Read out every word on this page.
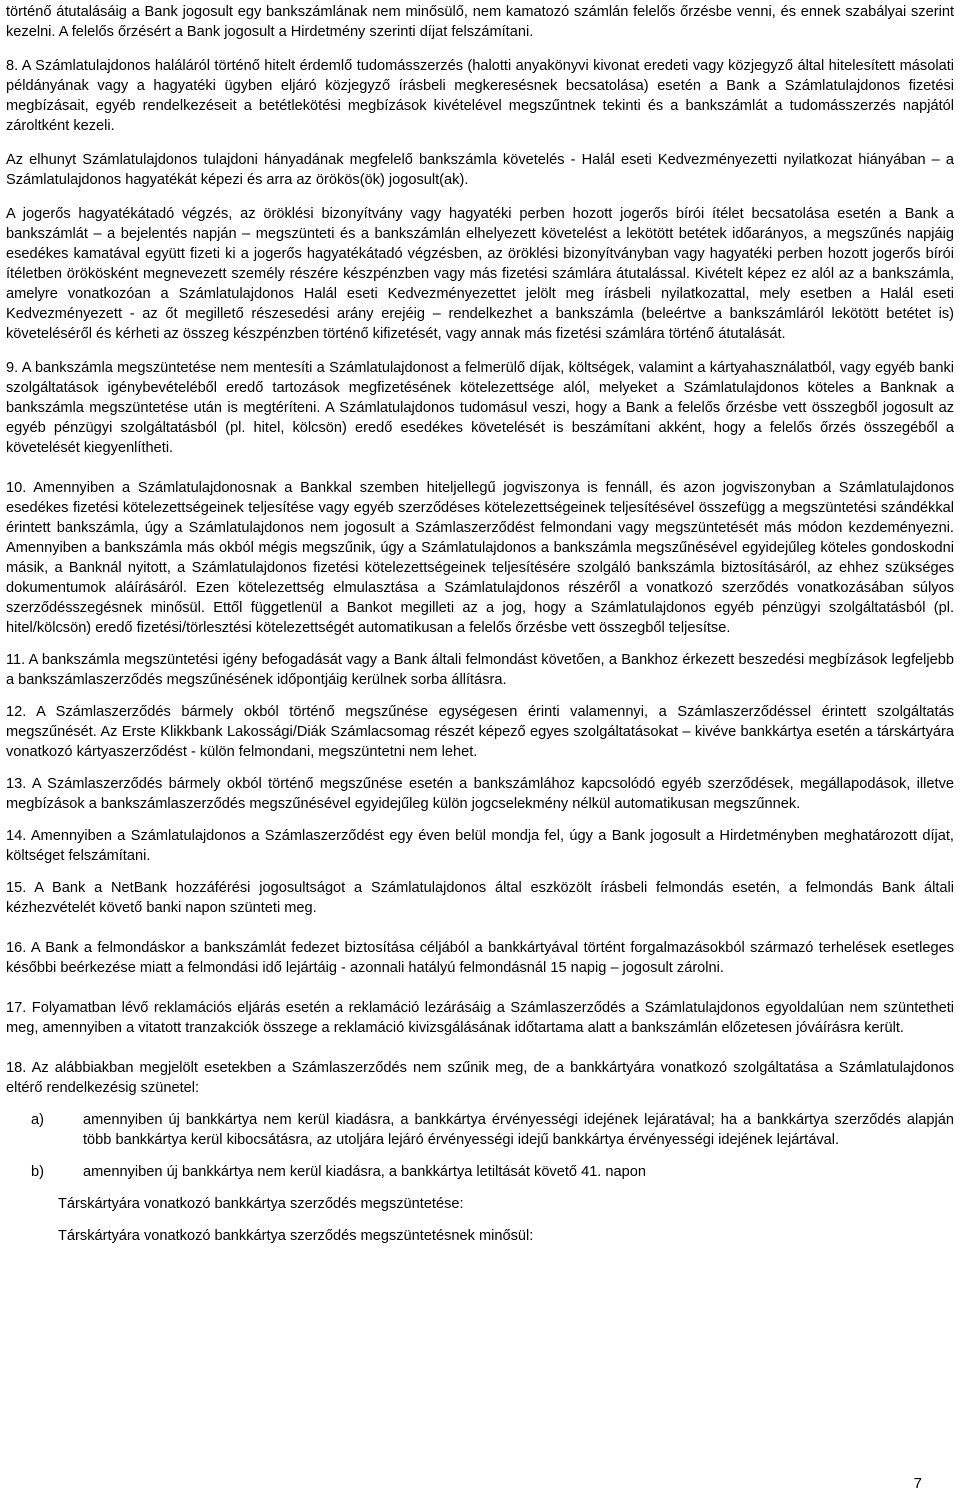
történő átutalásáig a Bank jogosult egy bankszámlának nem minősülő, nem kamatozó számlán felelős őrzésbe venni, és ennek szabályai szerint kezelni. A felelős őrzésért a Bank jogosult a Hirdetmény szerinti díjat felszámítani.

8. A Számlatulajdonos haláláról történő hitelt érdemlő tudomásszerzés (halotti anyakönyvi kivonat eredeti vagy közjegyző által hitelesített másolati példányának vagy a hagyatéki ügyben eljáró közjegyző írásbeli megkeresésnek becsatolása) esetén a Bank a Számlatulajdonos fizetési megbízásait, egyéb rendelkezéseit a betétlekötési megbízások kivételével megszűntnek tekinti és a bankszámlát a tudomásszerzés napjától zároltként kezeli.

Az elhunyt Számlatulajdonos tulajdoni hányadának megfelelő bankszámla követelés - Halál eseti Kedvezményezetti nyilatkozat hiányában – a Számlatulajdonos hagyatékát képezi és arra az örökös(ök) jogosult(ak).

A jogerős hagyatékátadó végzés, az öröklési bizonyítvány vagy hagyatéki perben hozott jogerős bírói ítélet becsatolása esetén a Bank a bankszámlát – a bejelentés napján – megszünteti és a bankszámlán elhelyezett követelést a lekötött betétek időarányos, a megszűnés napjáig esedékes kamatával együtt fizeti ki a jogerős hagyatékátadó végzésben, az öröklési bizonyítványban vagy hagyatéki perben hozott jogerős bírói ítéletben örökösként megnevezett személy részére készpénzben vagy más fizetési számlára átutalással. Kivételt képez ez alól az a bankszámla, amelyre vonatkozóan a Számlatulajdonos Halál eseti Kedvezményezettet jelölt meg írásbeli nyilatkozattal, mely esetben a Halál eseti Kedvezményezett - az őt megillető részesedési arány erejéig – rendelkezhet a bankszámla (beleértve a bankszámláról lekötött betétet is) követeléséről és kérheti az összeg készpénzben történő kifizetését, vagy annak más fizetési számlára történő átutalását.

9. A bankszámla megszüntetése nem mentesíti a Számlatulajdonost a felmerülő díjak, költségek, valamint a kártyahasználatból, vagy egyéb banki szolgáltatások igénybevételéből eredő tartozások megfizetésének kötelezettsége alól, melyeket a Számlatulajdonos köteles a Banknak a bankszámla megszüntetése után is megtéríteni. A Számlatulajdonos tudomásul veszi, hogy a Bank a felelős őrzésbe vett összegből jogosult az egyéb pénzügyi szolgáltatásból (pl. hitel, kölcsön) eredő esedékes követelését is beszámítani akként, hogy a felelős őrzés összegéből a követelését kiegyenlítheti.

10. Amennyiben a Számlatulajdonosnak a Bankkal szemben hiteljellegű jogviszonya is fennáll, és azon jogviszonyban a Számlatulajdonos esedékes fizetési kötelezettségeinek teljesítése vagy egyéb szerződéses kötelezettségeinek teljesítésével összefügg a megszüntetési szándékkal érintett bankszámla, úgy a Számlatulajdonos nem jogosult a Számlaszerződést felmondani vagy megszüntetését más módon kezdeményezni. Amennyiben a bankszámla más okból mégis megszűnik, úgy a Számlatulajdonos a bankszámla megszűnésével egyidejűleg köteles gondoskodni másik, a Banknál nyitott, a Számlatulajdonos fizetési kötelezettségeinek teljesítésére szolgáló bankszámla biztosításáról, az ehhez szükséges dokumentumok aláírásáról. Ezen kötelezettség elmulasztása a Számlatulajdonos részéről a vonatkozó szerződés vonatkozásában súlyos szerződésszegésnek minősül. Ettől függetlenül a Bankot megilleti az a jog, hogy a Számlatulajdonos egyéb pénzügyi szolgáltatásból (pl. hitel/kölcsön) eredő fizetési/törlesztési kötelezettségét automatikusan a felelős őrzésbe vett összegből teljesítse.

11. A bankszámla megszüntetési igény befogadását vagy a Bank általi felmondást követően, a Bankhoz érkezett beszedési megbízások legfeljebb a bankszámlaszerződés megszűnésének időpontjáig kerülnek sorba állításra.

12. A Számlaszerződés bármely okból történő megszűnése egységesen érinti valamennyi, a Számlaszerződéssel érintett szolgáltatás megszűnését. Az Erste Klikkbank Lakossági/Diák Számlacsomag részét képező egyes szolgáltatásokat – kivéve bankkártya esetén a társkártyára vonatkozó kártyaszerződést - külön felmondani, megszüntetni nem lehet.

13. A Számlaszerződés bármely okból történő megszűnése esetén a bankszámlához kapcsolódó egyéb szerződések, megállapodások, illetve megbízások a bankszámlaszerződés megszűnésével egyidejűleg külön jogcselekmény nélkül automatikusan megszűnnek.

14. Amennyiben a Számlatulajdonos a Számlaszerződést egy éven belül mondja fel, úgy a Bank jogosult a Hirdetményben meghatározott díjat, költséget felszámítani.

15. A Bank a NetBank hozzáférési jogosultságot a Számlatulajdonos által eszközölt írásbeli felmondás esetén, a felmondás Bank általi kézhezvételét követő banki napon szünteti meg.

16. A Bank a felmondáskor a bankszámlát fedezet biztosítása céljából a bankkártyával történt forgalmazásokból származó terhelések esetleges későbbi beérkezése miatt a felmondási idő lejártáig - azonnali hatályú felmondásnál 15 napig – jogosult zárolni.

17. Folyamatban lévő reklamációs eljárás esetén a reklamáció lezárásáig a Számlaszerződés a Számlatulajdonos egyoldalúan nem szüntetheti meg, amennyiben a vitatott tranzakciók összege a reklamáció kivizsgálásának időtartama alatt a bankszámlán előzetesen jóváírásra került.

18. Az alábbiakban megjelölt esetekben a Számlaszerződés nem szűnik meg, de a bankkártyára vonatkozó szolgáltatása a Számlatulajdonos eltérő rendelkezésig szünetel:

a)	amennyiben új bankkártya nem kerül kiadásra, a bankkártya érvényességi idejének lejáratával; ha a bankkártya szerződés alapján több bankkártya kerül kibocsátásra, az utoljára lejáró érvényességi idejű bankkártya érvényességi idejének lejártával.
b)	amennyiben új bankkártya nem kerül kiadásra, a bankkártya letiltását követő 41. napon

Társkártyára vonatkozó bankkártya szerződés megszüntetése:

Társkártyára vonatkozó bankkártya szerződés megszüntetésnek minősül:

7
